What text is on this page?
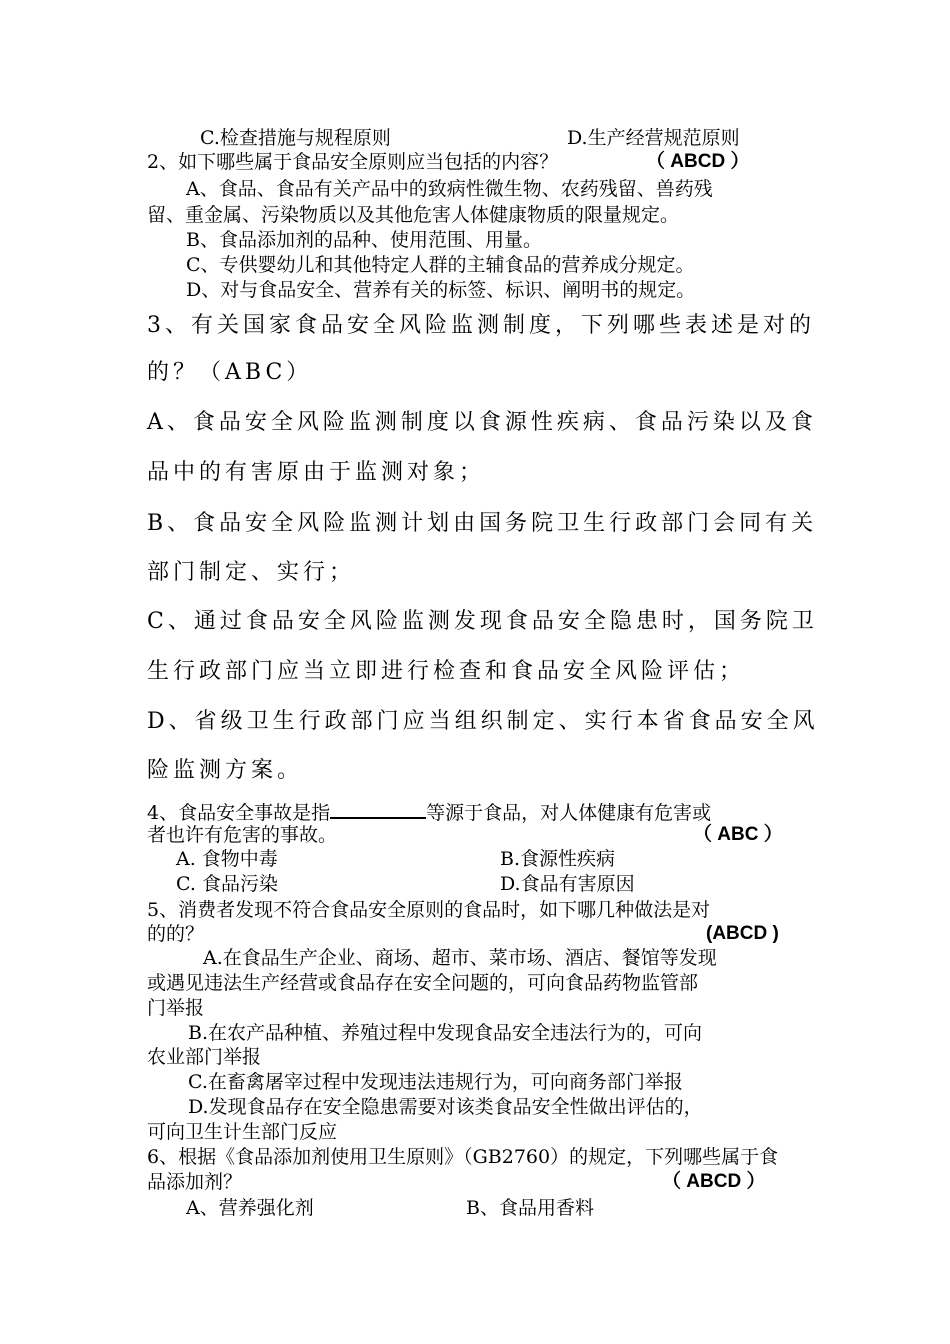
C.检查措施与规程原则	D.生产经营规范原则
2、如下哪些属于食品安全原则应当包括的内容？	（ ABCD ）
A、食品、食品有关产品中的致病性微生物、农药残留、兽药残
留、重金属、污染物质以及其他危害人体健康物质的限量规定。
B、食品添加剂的品种、使用范围、用量。
C、专供婴幼儿和其他特定人群的主辅食品的营养成分规定。
D、对与食品安全、营养有关的标签、标识、阐明书的规定。
3、有关国家食品安全风险监测制度，下列哪些表述是对的
的？（ABC）
A、食品安全风险监测制度以食源性疾病、食品污染以及食
品中的有害原由于监测对象；
B、食品安全风险监测计划由国务院卫生行政部门会同有关
部门制定、实行；
C、通过食品安全风险监测发现食品安全隐患时，国务院卫
生行政部门应当立即进行检查和食品安全风险评估；
D、省级卫生行政部门应当组织制定、实行本省食品安全风
险监测方案。
4、食品安全事故是指	等源于食品，对人体健康有危害或
者也许有危害的事故。	（ ABC ）
A. 食物中毒	B.食源性疾病
C. 食品污染	D.食品有害原因
5、消费者发现不符合食品安全原则的食品时，如下哪几种做法是对
的的？	(ABCD )
A.在食品生产企业、商场、超市、菜市场、酒店、餐馆等发现
或遇见违法生产经营或食品存在安全问题的，可向食品药物监管部
门举报
B.在农产品种植、养殖过程中发现食品安全违法行为的，可向
农业部门举报
C.在畜禽屠宰过程中发现违法违规行为，可向商务部门举报
D.发现食品存在安全隐患需要对该类食品安全性做出评估的，
可向卫生计生部门反应
6、根据《食品添加剂使用卫生原则》（GB2760）的规定，下列哪些属于食
品添加剂？	（ ABCD ）
A、营养强化剂	B、食品用香料
